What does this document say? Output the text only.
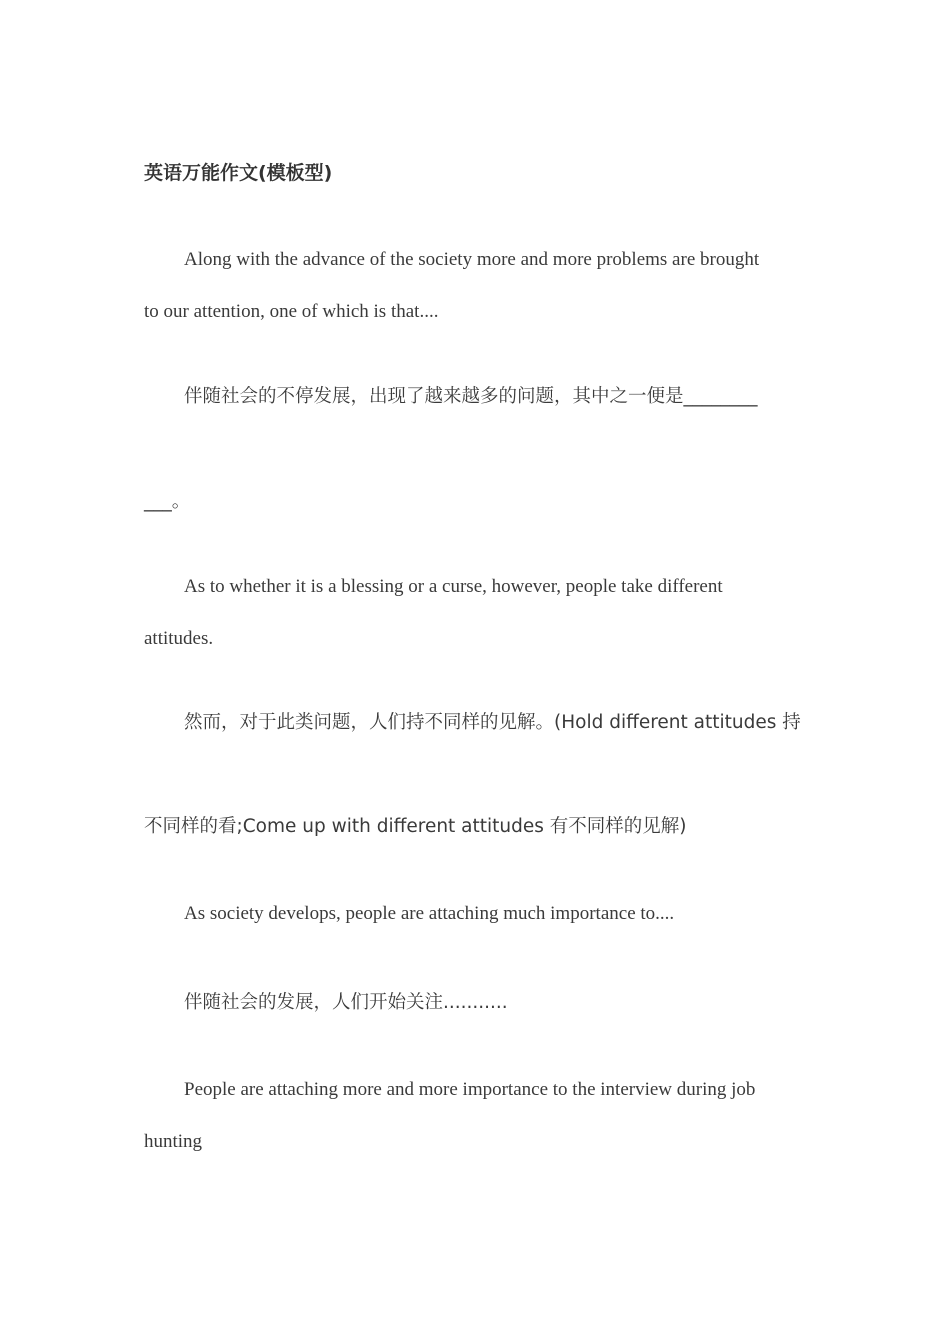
英语万能作文(模板型)
Along with the advance of the society more and more problems are brought
to our attention, one of which is that....
伴随社会的不停发展，出现了越来越多的问题，其中之一便是________
___。
As to whether it is a blessing or a curse, however, people take different
attitudes.
然而，对于此类问题，人们持不同样的见解。(Hold different attitudes 持
不同样的看;Come up with different attitudes 有不同样的见解)
As society develops, people are attaching much importance to....
伴随社会的发展，人们开始关注...........
People are attaching more and more importance to the interview during job
hunting
